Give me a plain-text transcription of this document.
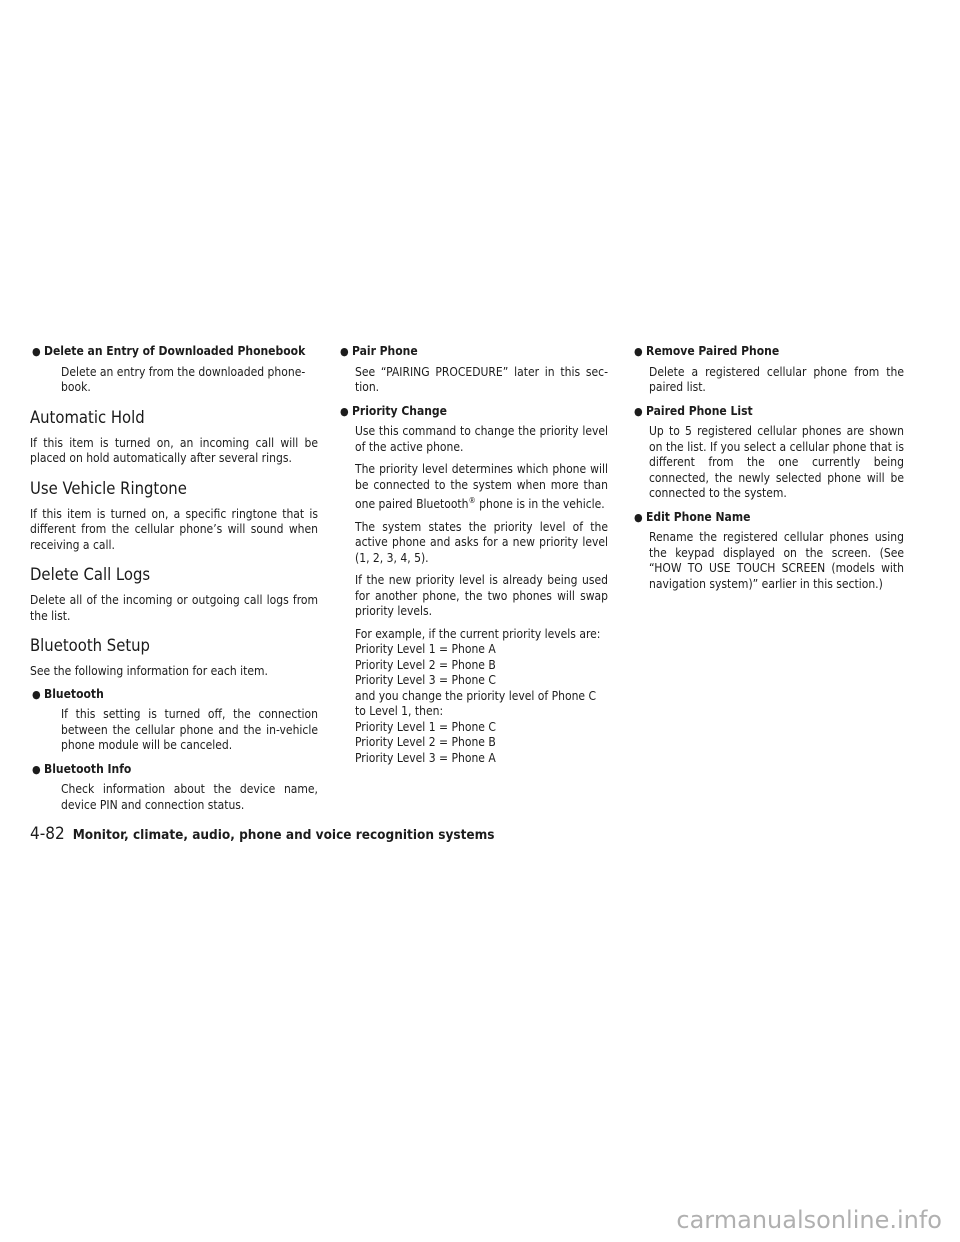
● Delete an Entry of Downloaded Phonebook

Delete an entry from the downloaded phone-book.

Automatic Hold

If this item is turned on, an incoming call will be placed on hold automatically after several rings.

Use Vehicle Ringtone

If this item is turned on, a specific ringtone that is different from the cellular phone’s will sound when receiving a call.

Delete Call Logs

Delete all of the incoming or outgoing call logs from the list.

Bluetooth Setup

See the following information for each item.

● Bluetooth

If this setting is turned off, the connection between the cellular phone and the in-vehicle phone module will be canceled.

● Bluetooth Info

Check information about the device name, device PIN and connection status.

● Pair Phone

See “PAIRING PROCEDURE” later in this sec-tion.

● Priority Change

Use this command to change the priority level of the active phone.

The priority level determines which phone will be connected to the system when more than one paired Bluetooth® phone is in the vehicle.

The system states the priority level of the active phone and asks for a new priority level (1, 2, 3, 4, 5).

If the new priority level is already being used for another phone, the two phones will swap priority levels.

For example, if the current priority levels are:

Priority Level 1 = Phone A

Priority Level 2 = Phone B

Priority Level 3 = Phone C

and you change the priority level of Phone C to Level 1, then:

Priority Level 1 = Phone C

Priority Level 2 = Phone B

Priority Level 3 = Phone A

● Remove Paired Phone

Delete a registered cellular phone from the paired list.

● Paired Phone List

Up to 5 registered cellular phones are shown on the list. If you select a cellular phone that is different from the one currently being connected, the newly selected phone will be connected to the system.

● Edit Phone Name

Rename the registered cellular phones using the keypad displayed on the screen. (See “HOW TO USE TOUCH SCREEN (models with navigation system)” earlier in this section.)

4-82 Monitor, climate, audio, phone and voice recognition systems
carmanualsonline.info
